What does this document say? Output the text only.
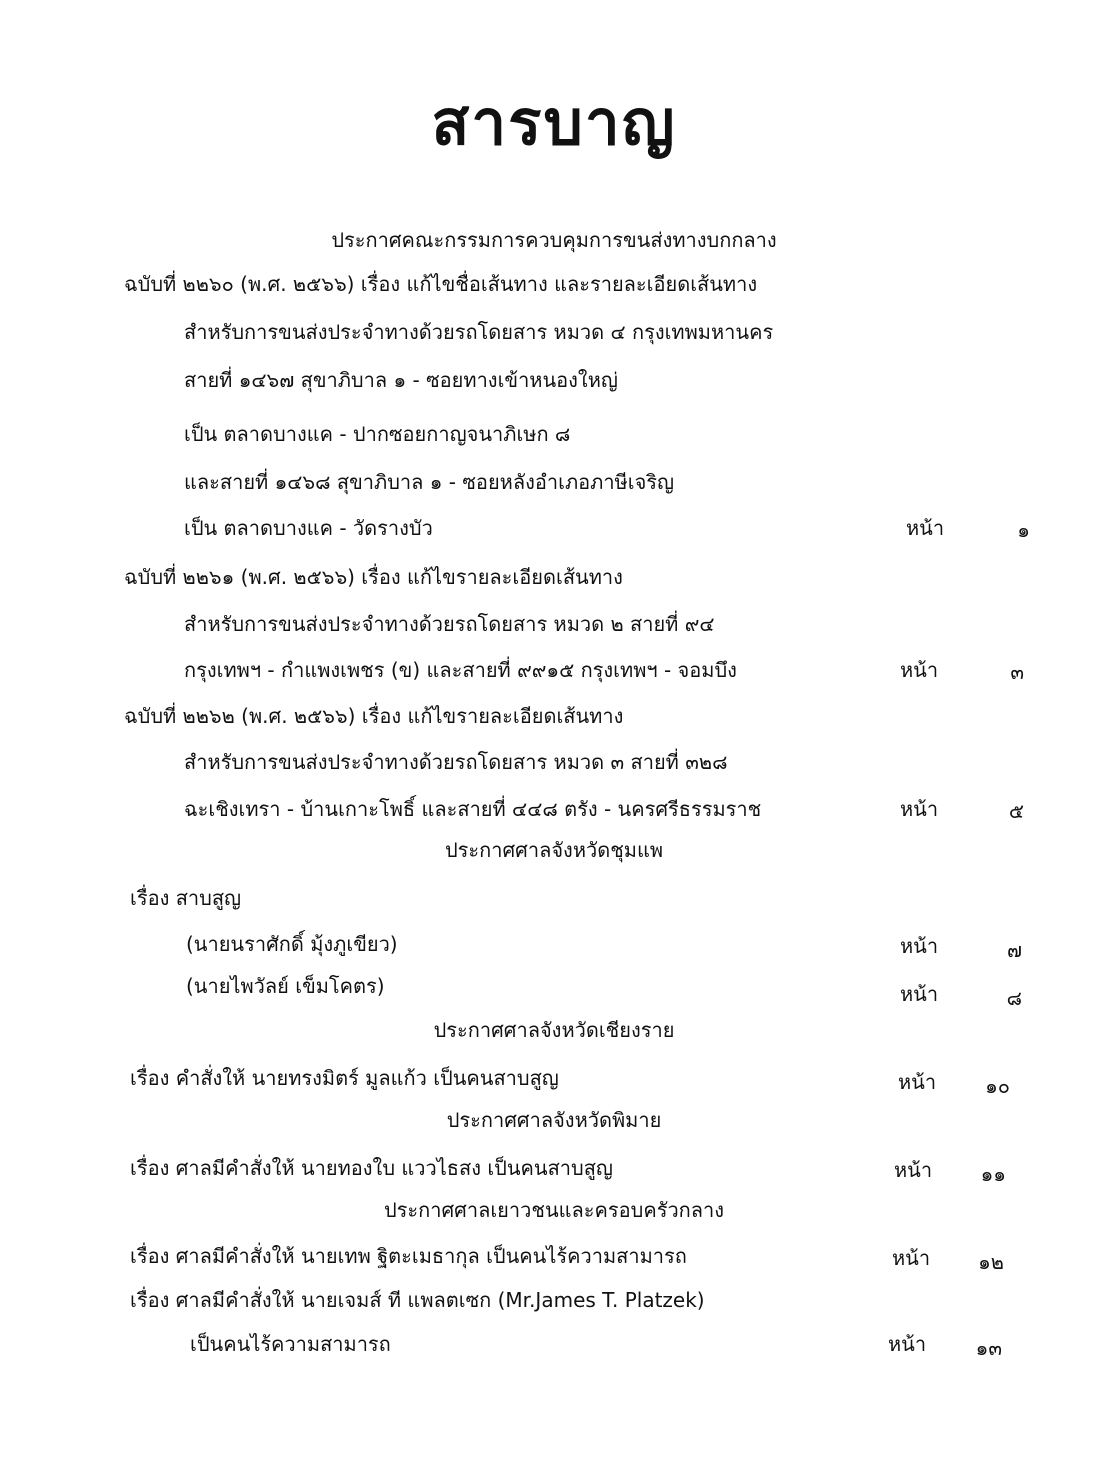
สารบาญ
ประกาศคณะกรรมการควบคุมการขนส่งทางบกกลาง
ฉบับที่ ๒๒๖๐ (พ.ศ. ๒๕๖๖) เรื่อง แก้ไขชื่อเส้นทาง และรายละเอียดเส้นทาง
สำหรับการขนส่งประจำทางด้วยรถโดยสาร หมวด ๔ กรุงเทพมหานคร
สายที่ ๑๔๖๗ สุขาภิบาล ๑ - ซอยทางเข้าหนองใหญ่
เป็น ตลาดบางแค - ปากซอยกาญจนาภิเษก ๘
และสายที่ ๑๔๖๘ สุขาภิบาล ๑ - ซอยหลังอำเภอภาษีเจริญ
เป็น ตลาดบางแค - วัดรางบัว	หน้า	๑
ฉบับที่ ๒๒๖๑ (พ.ศ. ๒๕๖๖) เรื่อง แก้ไขรายละเอียดเส้นทาง
สำหรับการขนส่งประจำทางด้วยรถโดยสาร หมวด ๒ สายที่ ๙๔
กรุงเทพฯ - กำแพงเพชร (ข) และสายที่ ๙๙๑๕ กรุงเทพฯ - จอมบึง	หน้า	๓
ฉบับที่ ๒๒๖๒ (พ.ศ. ๒๕๖๖) เรื่อง แก้ไขรายละเอียดเส้นทาง
สำหรับการขนส่งประจำทางด้วยรถโดยสาร หมวด ๓ สายที่ ๓๒๘
ฉะเชิงเทรา - บ้านเกาะโพธิ์ และสายที่ ๔๔๘ ตรัง - นครศรีธรรมราช	หน้า	๕
ประกาศศาลจังหวัดชุมแพ
เรื่อง สาบสูญ
(นายนราศักดิ์ มุ้งภูเขียว)	หน้า	๗
(นายไพวัลย์ เข็มโคตร)	หน้า	๘
ประกาศศาลจังหวัดเชียงราย
เรื่อง คำสั่งให้ นายทรงมิตร์ มูลแก้ว เป็นคนสาบสูญ	หน้า	๑๐
ประกาศศาลจังหวัดพิมาย
เรื่อง ศาลมีคำสั่งให้ นายทองใบ แววไธสง เป็นคนสาบสูญ	หน้า	๑๑
ประกาศศาลเยาวชนและครอบครัวกลาง
เรื่อง ศาลมีคำสั่งให้ นายเทพ ฐิตะเมธากุล เป็นคนไร้ความสามารถ	หน้า	๑๒
เรื่อง ศาลมีคำสั่งให้ นายเจมส์ ที แพลตเซก (Mr.James T. Platzek)
เป็นคนไร้ความสามารถ	หน้า	๑๓
